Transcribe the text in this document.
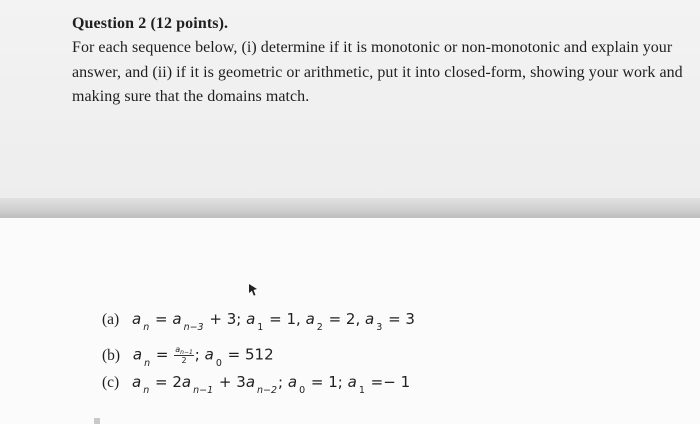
Question 2 (12 points).
For each sequence below, (i) determine if it is monotonic or non-monotonic and explain your
answer, and (ii) if it is geometric or arithmetic, put it into closed-form, showing your work and
making sure that the domains match.
(a) a $_n$ = a $_{n-3}$ + 3; a $_1$ = 1, a $_2$ = 2, a $_3$ = 3
(b) a $_n = \frac{a_{n-1}}{2}$ ; a $_0$ = 512
(c) a $_n$ = 2a $_{n-1}$ + 3a $_{n-2}$; a $_0$ = 1; a $_1$ =− 1
